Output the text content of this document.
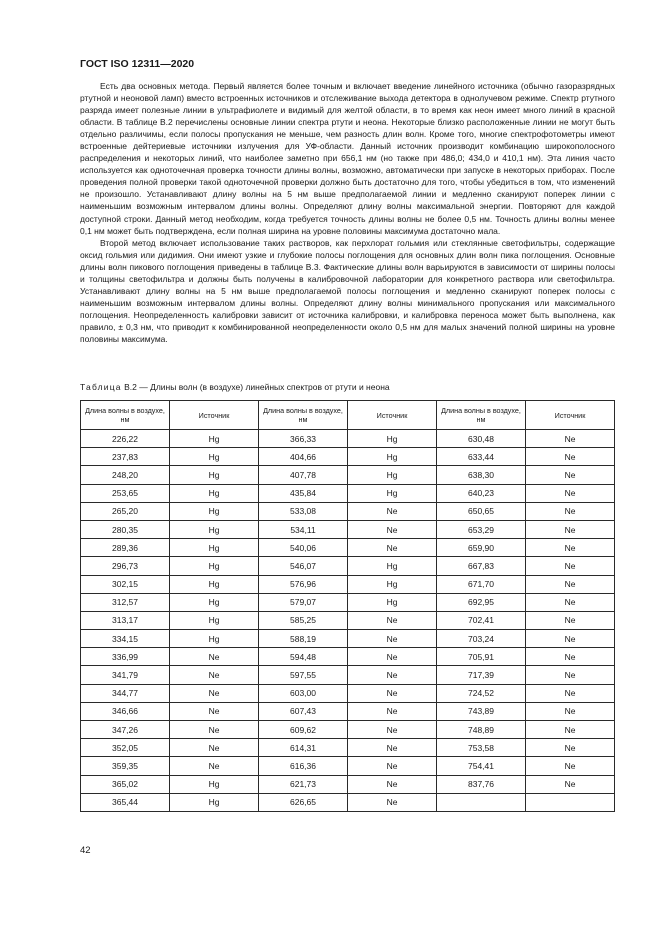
ГОСТ ISO 12311—2020

Есть два основных метода. Первый является более точным и включает введение линейного источника (обычно газоразрядных ртутной и неоновой ламп) вместо встроенных источников и отслеживание выхода детектора в однолучевом режиме. Спектр ртутного разряда имеет полезные линии в ультрафиолете и видимый для желтой области, в то время как неон имеет много линий в красной области. В таблице В.2 перечислены основные линии спектра ртути и неона. Некоторые близко расположенные линии не могут быть отдельно различимы, если полосы пропускания не меньше, чем разность длин волн. Кроме того, многие спектрофотометры имеют встроенные дейтериевые источники излучения для УФ-области. Данный источник производит комбинацию широкополосного распределения и некоторых линий, что наиболее заметно при 656,1 нм (но также при 486,0; 434,0 и 410,1 нм). Эта линия часто используется как одноточечная проверка точности длины волны, возможно, автоматически при запуске в некоторых приборах. После проведения полной проверки такой одноточечной проверки должно быть достаточно для того, чтобы убедиться в том, что изменений не произошло. Устанавливают длину волны на 5 нм выше предполагаемой линии и медленно сканируют поперек линии с наименьшим возможным интервалом длины волны. Определяют длину волны максимальной энергии. Повторяют для каждой доступной строки. Данный метод необходим, когда требуется точность длины волны не более 0,5 нм. Точность длины волны менее 0,1 нм может быть подтверждена, если полная ширина на уровне половины максимума достаточно мала.

Второй метод включает использование таких растворов, как перхлорат гольмия или стеклянные светофильтры, содержащие оксид гольмия или дидимия. Они имеют узкие и глубокие полосы поглощения для основных длин волн пика поглощения. Основные длины волн пикового поглощения приведены в таблице В.3. Фактические длины волн варьируются в зависимости от ширины полосы и толщины светофильтра и должны быть получены в калибровочной лаборатории для конкретного раствора или светофильтра. Устанавливают длину волны на 5 нм выше предполагаемой полосы поглощения и медленно сканируют поперек полосы с наименьшим возможным интервалом длины волны. Определяют длину волны минимального пропускания или максимального поглощения. Неопределенность калибровки зависит от источника калибровки, и калибровка переноса может быть выполнена, как правило, ± 0,3 нм, что приводит к комбинированной неопределенности около 0,5 нм для малых значений полной ширины на уровне половины максимума.

Таблица В.2 — Длины волн (в воздухе) линейных спектров от ртути и неона
Длина волны в воздухе, нм	Источник	Длина волны в воздухе, нм	Источник	Длина волны в воздухе, нм	Источник
226,22	Hg	366,33	Hg	630,48	Ne
237,83	Hg	404,66	Hg	633,44	Ne
248,20	Hg	407,78	Hg	638,30	Ne
253,65	Hg	435,84	Hg	640,23	Ne
265,20	Hg	533,08	Ne	650,65	Ne
280,35	Hg	534,11	Ne	653,29	Ne
289,36	Hg	540,06	Ne	659,90	Ne
296,73	Hg	546,07	Hg	667,83	Ne
302,15	Hg	576,96	Hg	671,70	Ne
312,57	Hg	579,07	Hg	692,95	Ne
313,17	Hg	585,25	Ne	702,41	Ne
334,15	Hg	588,19	Ne	703,24	Ne
336,99	Ne	594,48	Ne	705,91	Ne
341,79	Ne	597,55	Ne	717,39	Ne
344,77	Ne	603,00	Ne	724,52	Ne
346,66	Ne	607,43	Ne	743,89	Ne
347,26	Ne	609,62	Ne	748,89	Ne
352,05	Ne	614,31	Ne	753,58	Ne
359,35	Ne	616,36	Ne	754,41	Ne
365,02	Hg	621,73	Ne	837,76	Ne
365,44	Hg	626,65	Ne		
42
